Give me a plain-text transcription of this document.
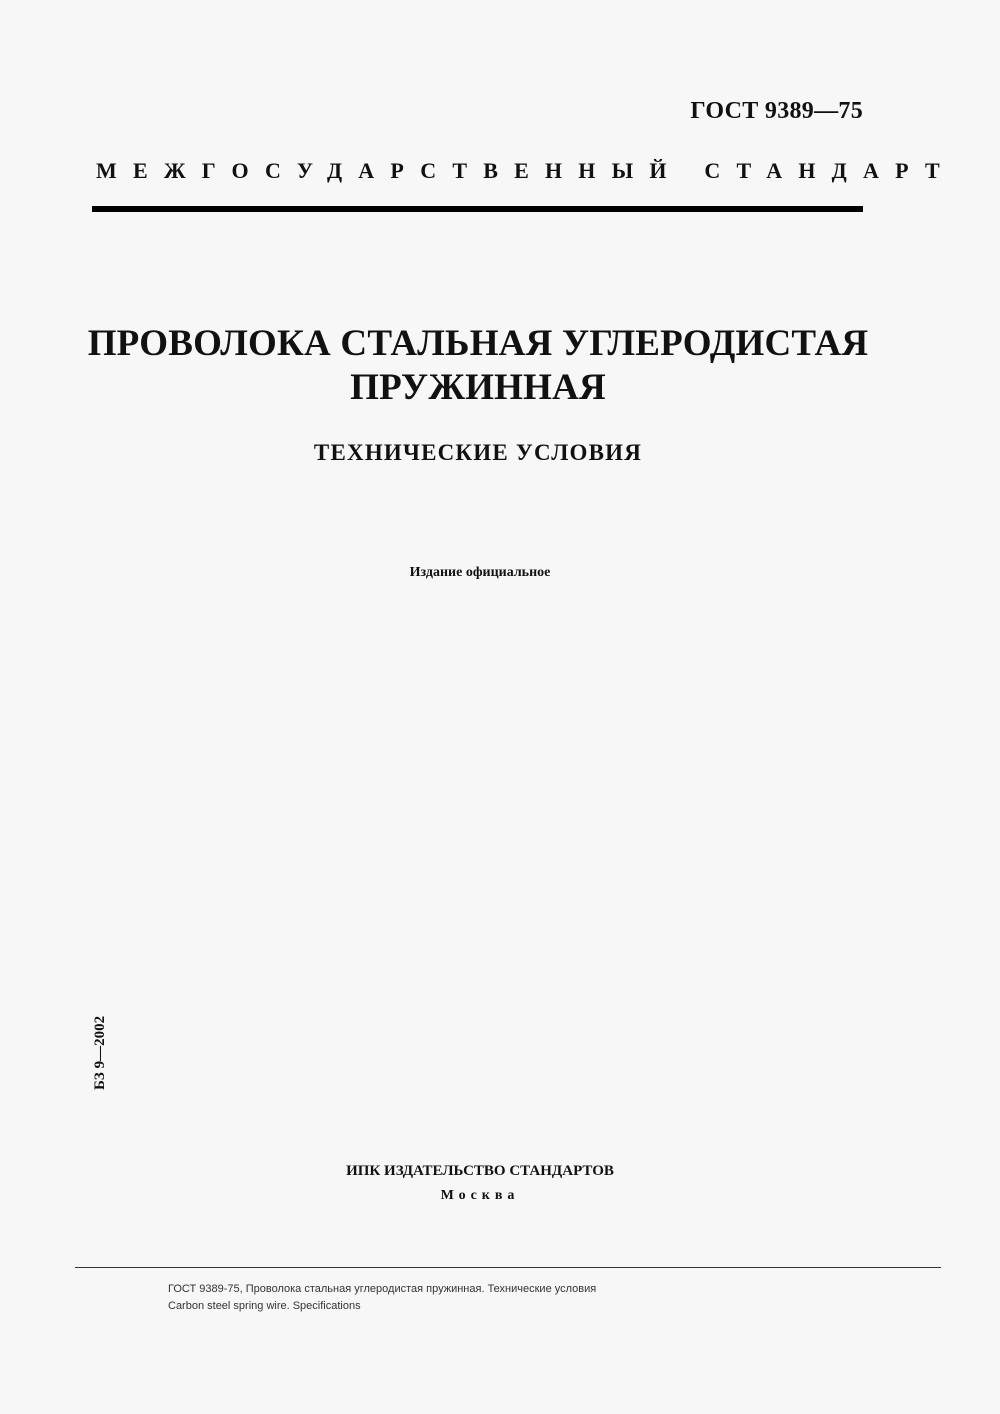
ГОСТ 9389—75
МЕЖГОСУДАРСТВЕННЫЙ СТАНДАРТ
ПРОВОЛОКА СТАЛЬНАЯ УГЛЕРОДИСТАЯ
ПРУЖИННАЯ
ТЕХНИЧЕСКИЕ УСЛОВИЯ
Издание официальное
БЗ 9—2002
ИПК ИЗДАТЕЛЬСТВО СТАНДАРТОВ
Москва
ГОСТ 9389-75, Проволока стальная углеродистая пружинная. Технические условия
Carbon steel spring wire. Specifications
